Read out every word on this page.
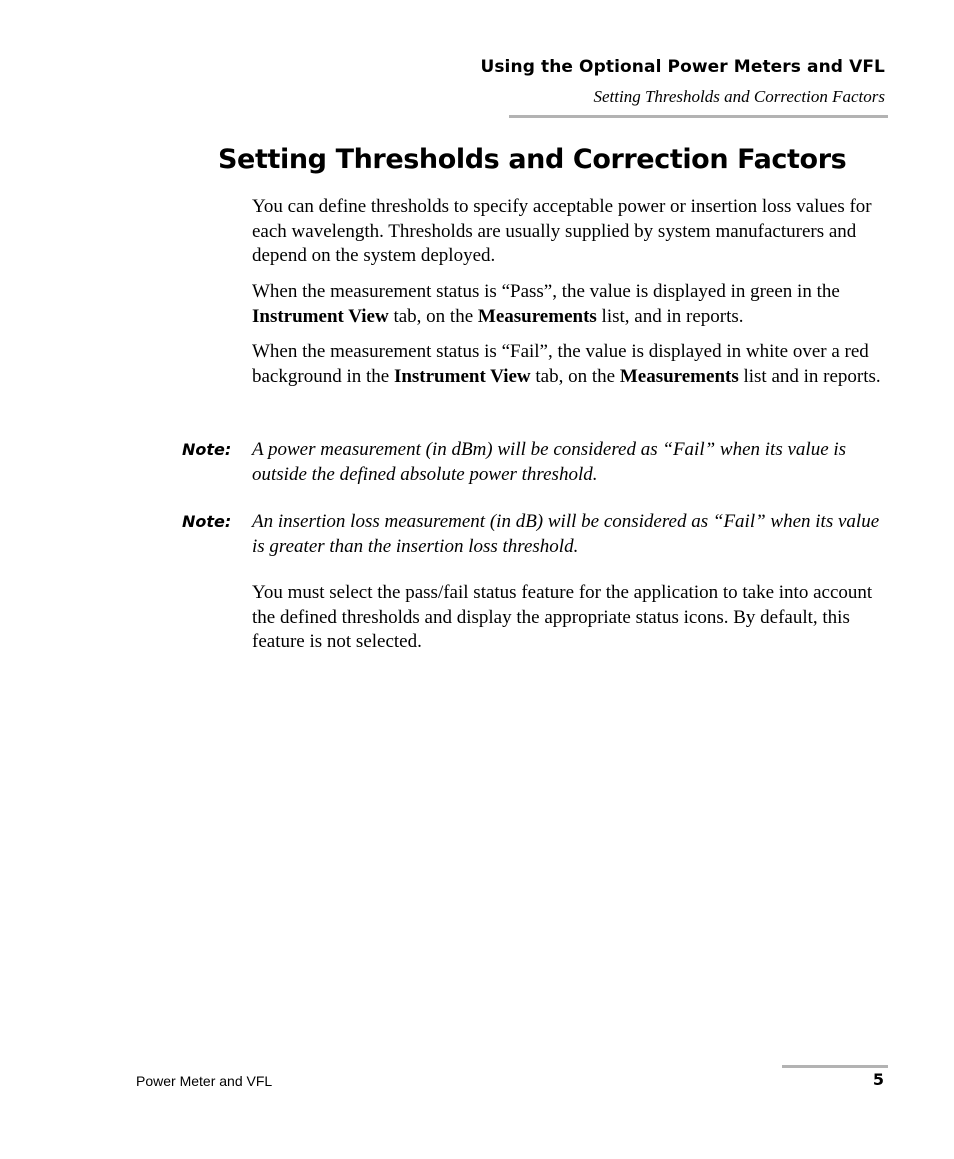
Using the Optional Power Meters and VFL
Setting Thresholds and Correction Factors
Setting Thresholds and Correction Factors

You can define thresholds to specify acceptable power or insertion loss values for each wavelength. Thresholds are usually supplied by system manufacturers and depend on the system deployed.

When the measurement status is “Pass”, the value is displayed in green in the Instrument View tab, on the Measurements list, and in reports.

When the measurement status is “Fail”, the value is displayed in white over a red background in the Instrument View tab, on the Measurements list and in reports.

Note: A power measurement (in dBm) will be considered as “Fail” when its value is outside the defined absolute power threshold.

Note: An insertion loss measurement (in dB) will be considered as “Fail” when its value is greater than the insertion loss threshold.

You must select the pass/fail status feature for the application to take into account the defined thresholds and display the appropriate status icons. By default, this feature is not selected.

Power Meter and VFL	5
